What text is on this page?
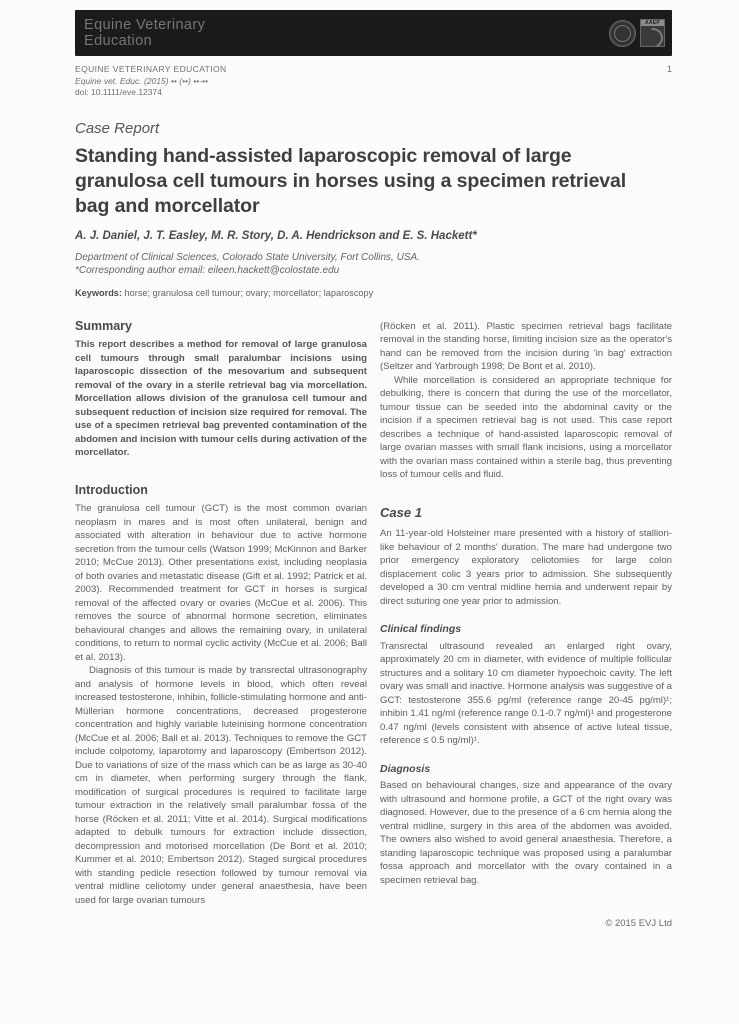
Equine Veterinary
Education
AAEP
EQUINE VETERINARY EDUCATION
Equine vet. Educ. (2015) •• (••) ••-••
doi: 10.1111/eve.12374
1
Case Report
Standing hand-assisted laparoscopic removal of large granulosa cell tumours in horses using a specimen retrieval bag and morcellator
A. J. Daniel, J. T. Easley, M. R. Story, D. A. Hendrickson and E. S. Hackett*
Department of Clinical Sciences, Colorado State University, Fort Collins, USA.
*Corresponding author email: eileen.hackett@colostate.edu
Keywords: horse; granulosa cell tumour; ovary; morcellator; laparoscopy
Summary

This report describes a method for removal of large granulosa cell tumours through small paralumbar incisions using laparoscopic dissection of the mesovarium and subsequent removal of the ovary in a sterile retrieval bag via morcellation. Morcellation allows division of the granulosa cell tumour and subsequent reduction of incision size required for removal. The use of a specimen retrieval bag prevented contamination of the abdomen and incision with tumour cells during activation of the morcellator.

Introduction

The granulosa cell tumour (GCT) is the most common ovarian neoplasm in mares and is most often unilateral, benign and associated with alteration in behaviour due to active hormone secretion from the tumour cells (Watson 1999; McKinnon and Barker 2010; McCue 2013). Other presentations exist, including neoplasia of both ovaries and metastatic disease (Gift et al. 1992; Patrick et al. 2003). Recommended treatment for GCT in horses is surgical removal of the affected ovary or ovaries (McCue et al. 2006). This removes the source of abnormal hormone secretion, eliminates behavioural changes and allows the remaining ovary, in unilateral conditions, to return to normal cyclic activity (McCue et al. 2006; Ball et al. 2013).

Diagnosis of this tumour is made by transrectal ultrasonography and analysis of hormone levels in blood, which often reveal increased testosterone, inhibin, follicle-stimulating hormone and anti-Müllerian hormone concentrations, decreased progesterone concentration and highly variable luteinising hormone concentration (McCue et al. 2006; Ball et al. 2013). Techniques to remove the GCT include colpotomy, laparotomy and laparoscopy (Embertson 2012). Due to variations of size of the mass which can be as large as 30-40 cm in diameter, when performing surgery through the flank, modification of surgical procedures is required to facilitate large tumour extraction in the relatively small paralumbar fossa of the horse (Röcken et al. 2011; Vitte et al. 2014). Surgical modifications adapted to debulk tumours for extraction include dissection, decompression and motorised morcellation (De Bont et al. 2010; Kummer et al. 2010; Embertson 2012). Staged surgical procedures with standing pedicle resection followed by tumour removal via ventral midline celiotomy under general anaesthesia, have been used for large ovarian tumours

(Röcken et al. 2011). Plastic specimen retrieval bags facilitate removal in the standing horse, limiting incision size as the operator's hand can be removed from the incision during 'in bag' extraction (Seltzer and Yarbrough 1998; De Bont et al. 2010).

While morcellation is considered an appropriate technique for debulking, there is concern that during the use of the morcellator, tumour tissue can be seeded into the abdominal cavity or the incision if a specimen retrieval bag is not used. This case report describes a technique of hand-assisted laparoscopic removal of large ovarian masses with small flank incisions, using a morcellator with the ovarian mass contained within a sterile bag, thus preventing loss of tumour cells and fluid.

Case 1

An 11-year-old Holsteiner mare presented with a history of stallion-like behaviour of 2 months' duration. The mare had undergone two prior emergency exploratory celiotomies for large colon displacement colic 3 years prior to admission. She subsequently developed a 30 cm ventral midline hernia and underwent repair by direct suturing one year prior to admission.

Clinical findings

Transrectal ultrasound revealed an enlarged right ovary, approximately 20 cm in diameter, with evidence of multiple follicular structures and a solitary 10 cm diameter hypoechoic cavity. The left ovary was small and inactive. Hormone analysis was suggestive of a GCT: testosterone 355.6 pg/ml (reference range 20-45 pg/ml)¹; inhibin 1.41 ng/ml (reference range 0.1-0.7 ng/ml)¹ and progesterone 0.47 ng/ml (levels consistent with absence of active luteal tissue, reference ≤ 0.5 ng/ml)¹.

Diagnosis

Based on behavioural changes, size and appearance of the ovary with ultrasound and hormone profile, a GCT of the right ovary was diagnosed. However, due to the presence of a 6 cm hernia along the ventral midline, surgery in this area of the abdomen was avoided. The owners also wished to avoid general anaesthesia. Therefore, a standing laparoscopic technique was proposed using a paralumbar fossa approach and morcellator with the ovary contained in a specimen retrieval bag.

© 2015 EVJ Ltd
